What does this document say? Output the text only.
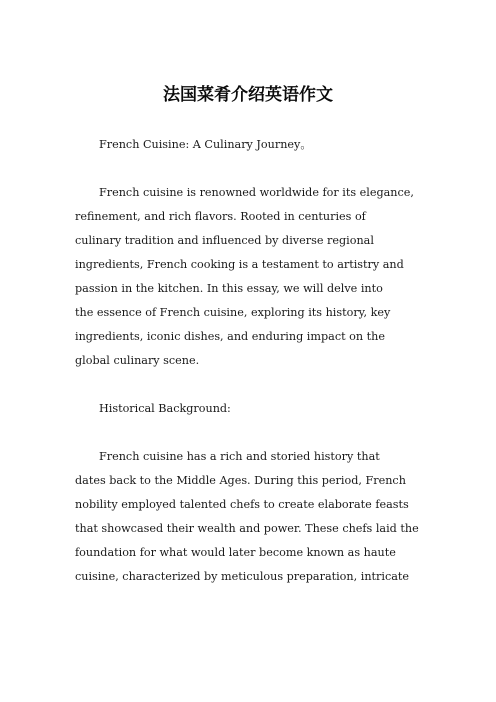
法国菜肴介绍英语作文

French Cuisine: A Culinary Journey。

French cuisine is renowned worldwide for its elegance,

refinement, and rich flavors. Rooted in centuries of

culinary tradition and influenced by diverse regional

ingredients, French cooking is a testament to artistry and

passion in the kitchen. In this essay, we will delve into

the essence of French cuisine, exploring its history, key

ingredients, iconic dishes, and enduring impact on the

global culinary scene.

Historical Background:

French cuisine has a rich and storied history that

dates back to the Middle Ages. During this period, French

nobility employed talented chefs to create elaborate feasts

that showcased their wealth and power. These chefs laid the

foundation for what would later become known as haute

cuisine, characterized by meticulous preparation, intricate
